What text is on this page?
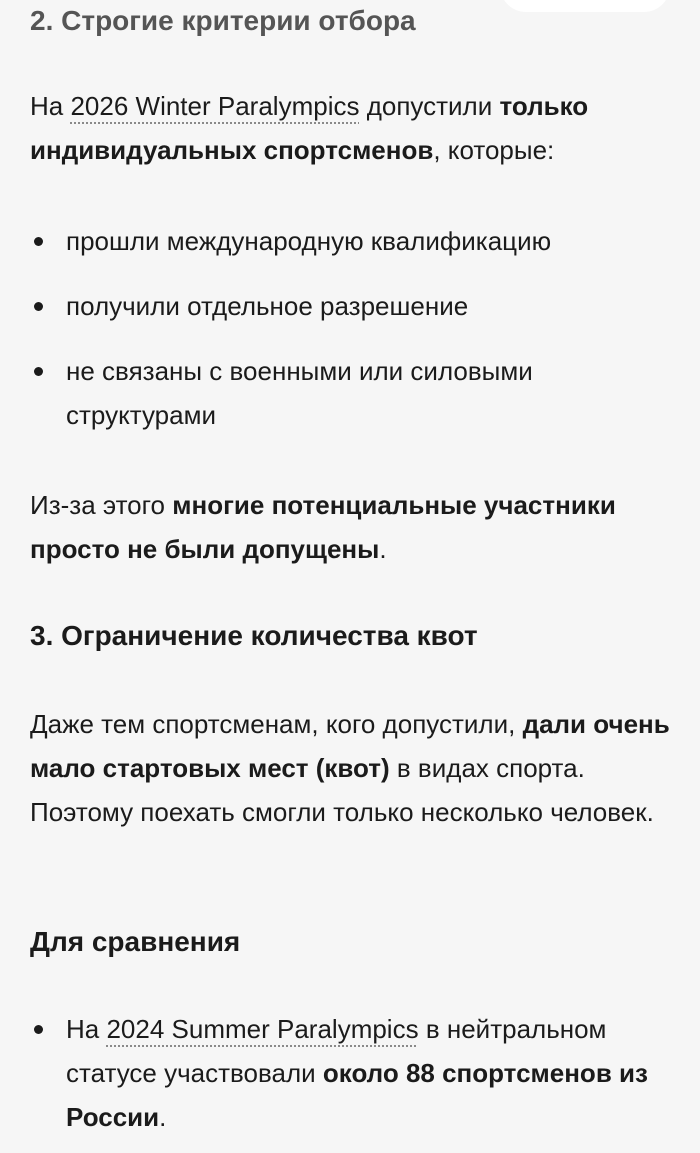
2. Строгие критерии отбора

На 2026 Winter Paralympics допустили только индивидуальных спортсменов, которые:

прошли международную квалификацию
получили отдельное разрешение
не связаны с военными или силовыми структурами

Из-за этого многие потенциальные участники просто не были допущены.

3. Ограничение количества квот

Даже тем спортсменам, кого допустили, дали очень мало стартовых мест (квот) в видах спорта. Поэтому поехать смогли только несколько человек.

Для сравнения
На 2024 Summer Paralympics в нейтральном статусе участвовали около 88 спортсменов из России.
